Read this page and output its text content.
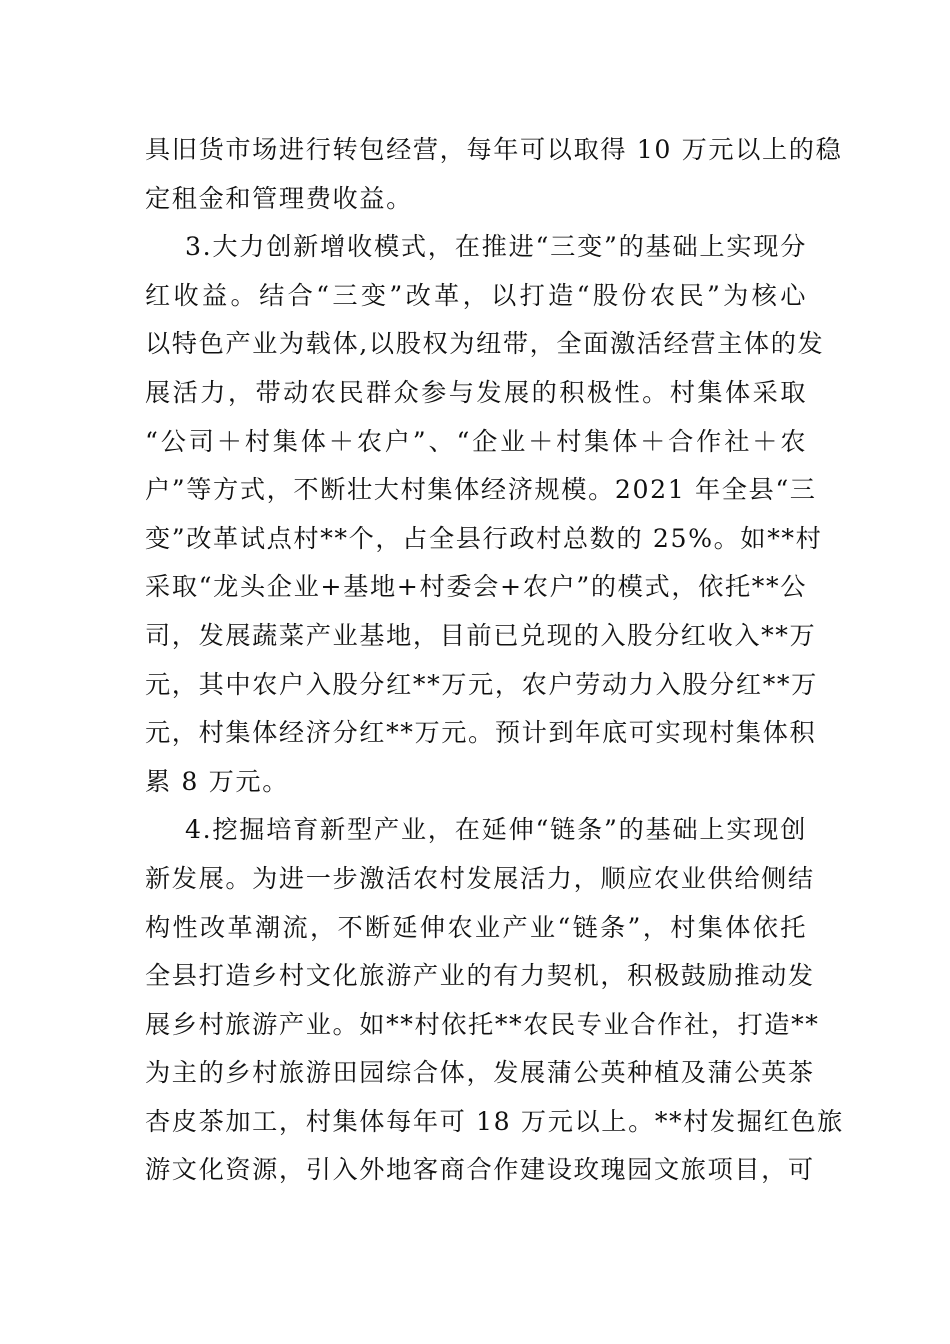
具旧货市场进行转包经营，每年可以取得 10 万元以上的稳
定租金和管理费收益。
3.大力创新增收模式，在推进“三变”的基础上实现分
红收益。结合“三变”改革，以打造“股份农民”为核心
以特色产业为载体,以股权为纽带，全面激活经营主体的发
展活力，带动农民群众参与发展的积极性。村集体采取
“公司＋村集体＋农户”、“企业＋村集体＋合作社＋农
户”等方式，不断壮大村集体经济规模。2021 年全县“三
变”改革试点村**个，占全县行政村总数的 25%。如**村
采取“龙头企业+基地+村委会+农户”的模式，依托**公
司，发展蔬菜产业基地，目前已兑现的入股分红收入**万
元，其中农户入股分红**万元，农户劳动力入股分红**万
元，村集体经济分红**万元。预计到年底可实现村集体积
累 8 万元。
4.挖掘培育新型产业，在延伸“链条”的基础上实现创
新发展。为进一步激活农村发展活力，顺应农业供给侧结
构性改革潮流，不断延伸农业产业“链条”，村集体依托
全县打造乡村文化旅游产业的有力契机，积极鼓励推动发
展乡村旅游产业。如**村依托**农民专业合作社，打造**
为主的乡村旅游田园综合体，发展蒲公英种植及蒲公英茶
杏皮茶加工，村集体每年可 18 万元以上。**村发掘红色旅
游文化资源，引入外地客商合作建设玫瑰园文旅项目，可
